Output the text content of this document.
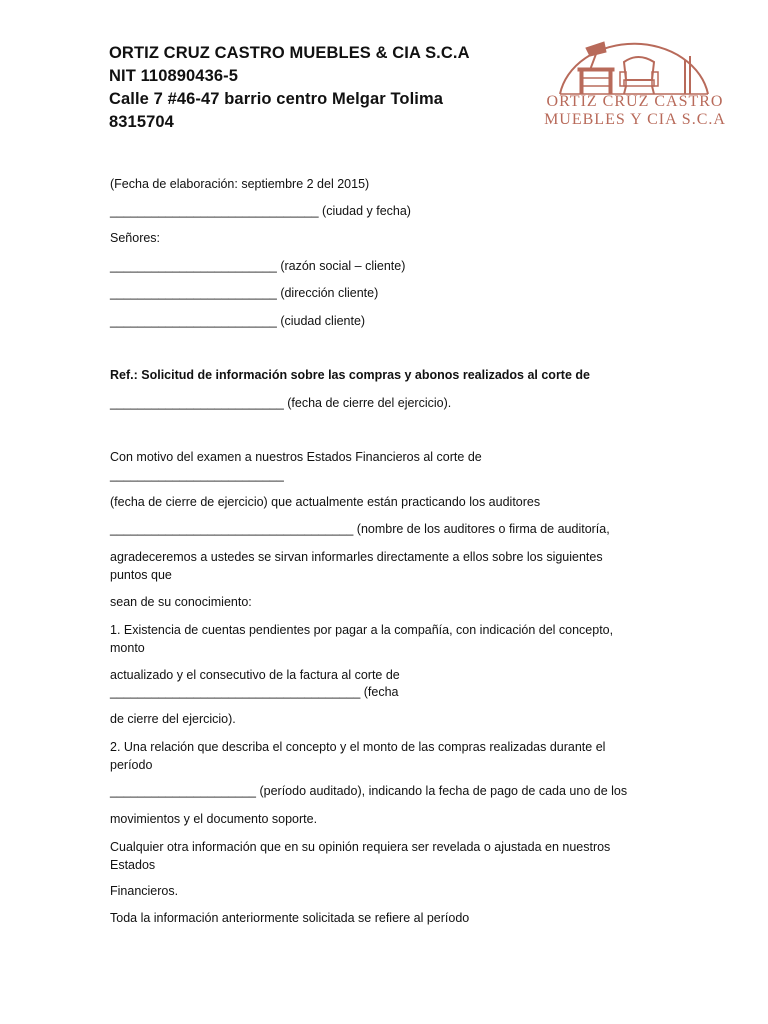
ORTIZ CRUZ CASTRO MUEBLES & CIA S.C.A
NIT 110890436-5
Calle 7 #46-47 barrio centro Melgar Tolima
8315704
ORTIZ CRUZ CASTRO
MUEBLES Y CIA S.C.A
(Fecha de elaboración: septiembre 2 del 2015)
______________________________ (ciudad y fecha)
Señores:
________________________ (razón social – cliente)
________________________ (dirección cliente)
________________________ (ciudad cliente)
Ref.: Solicitud de información sobre las compras y abonos realizados al corte de
_________________________ (fecha de cierre del ejercicio).
Con motivo del examen a nuestros Estados Financieros al corte de
_________________________
(fecha de cierre de ejercicio) que actualmente están practicando los auditores
___________________________________ (nombre de los auditores o firma de auditoría,
agradeceremos a ustedes se sirvan informarles directamente a ellos sobre los siguientes puntos que
sean de su conocimiento:
1. Existencia de cuentas pendientes por pagar a la compañía, con indicación del concepto, monto
actualizado y el consecutivo de la factura al corte de
____________________________________ (fecha
de cierre del ejercicio).
2. Una relación que describa el concepto y el monto de las compras realizadas durante el período
_____________________ (período auditado), indicando la fecha de pago de cada uno de los
movimientos y el documento soporte.
Cualquier otra información que en su opinión requiera ser revelada o ajustada en nuestros Estados
Financieros.
Toda la información anteriormente solicitada se refiere al período
